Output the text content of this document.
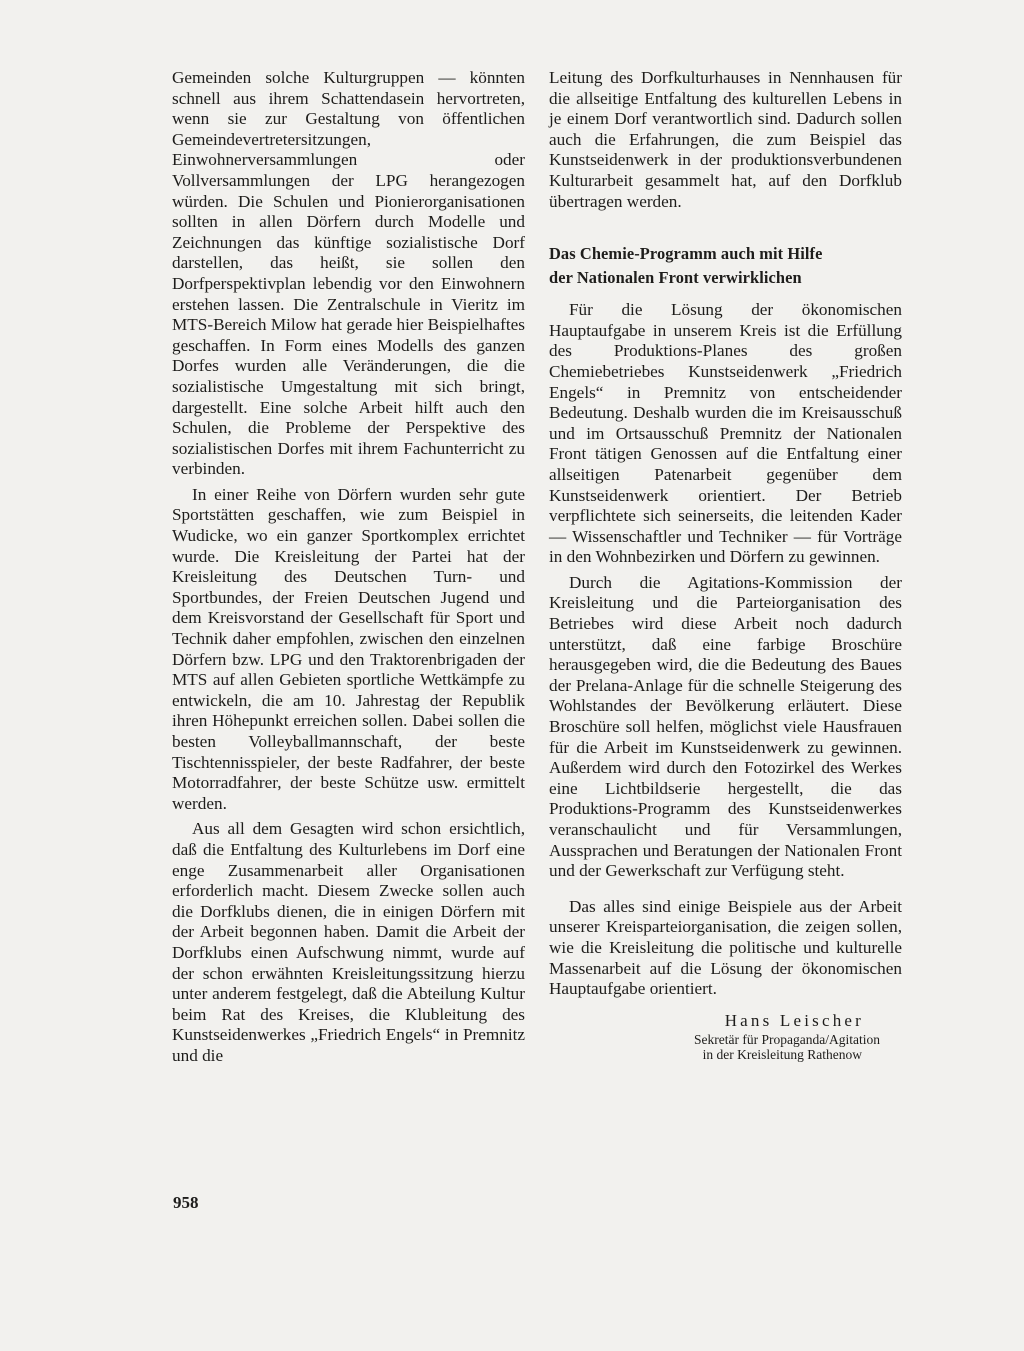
Gemeinden solche Kulturgruppen — könnten schnell aus ihrem Schattendasein hervortreten, wenn sie zur Gestaltung von öffentlichen Gemeindevertretersitzungen, Einwohnerversammlungen oder Vollversammlungen der LPG herangezogen würden. Die Schulen und Pionierorganisationen sollten in allen Dörfern durch Modelle und Zeichnungen das künftige sozialistische Dorf darstellen, das heißt, sie sollen den Dorfperspektivplan lebendig vor den Einwohnern erstehen lassen. Die Zentralschule in Vieritz im MTS-Bereich Milow hat gerade hier Beispielhaftes geschaffen. In Form eines Modells des ganzen Dorfes wurden alle Veränderungen, die die sozialistische Umgestaltung mit sich bringt, dargestellt. Eine solche Arbeit hilft auch den Schulen, die Probleme der Perspektive des sozialistischen Dorfes mit ihrem Fachunterricht zu verbinden.

In einer Reihe von Dörfern wurden sehr gute Sportstätten geschaffen, wie zum Beispiel in Wudicke, wo ein ganzer Sportkomplex errichtet wurde. Die Kreisleitung der Partei hat der Kreisleitung des Deutschen Turn- und Sportbundes, der Freien Deutschen Jugend und dem Kreisvorstand der Gesellschaft für Sport und Technik daher empfohlen, zwischen den einzelnen Dörfern bzw. LPG und den Traktorenbrigaden der MTS auf allen Gebieten sportliche Wettkämpfe zu entwickeln, die am 10. Jahrestag der Republik ihren Höhepunkt erreichen sollen. Dabei sollen die besten Volleyballmannschaft, der beste Tischtennisspieler, der beste Radfahrer, der beste Motorradfahrer, der beste Schütze usw. ermittelt werden.

Aus all dem Gesagten wird schon ersichtlich, daß die Entfaltung des Kulturlebens im Dorf eine enge Zusammenarbeit aller Organisationen erforderlich macht. Diesem Zwecke sollen auch die Dorfklubs dienen, die in einigen Dörfern mit der Arbeit begonnen haben. Damit die Arbeit der Dorfklubs einen Aufschwung nimmt, wurde auf der schon erwähnten Kreisleitungssitzung hierzu unter anderem festgelegt, daß die Abteilung Kultur beim Rat des Kreises, die Klubleitung des Kunstseidenwerkes „Friedrich Engels“ in Premnitz und die

Leitung des Dorfkulturhauses in Nennhausen für die allseitige Entfaltung des kulturellen Lebens in je einem Dorf verantwortlich sind. Dadurch sollen auch die Erfahrungen, die zum Beispiel das Kunstseidenwerk in der produktionsverbundenen Kulturarbeit gesammelt hat, auf den Dorfklub übertragen werden.

Das Chemie-Programm auch mit Hilfe
der Nationalen Front verwirklichen

Für die Lösung der ökonomischen Hauptaufgabe in unserem Kreis ist die Erfüllung des Produktions-Planes des großen Chemiebetriebes Kunstseidenwerk „Friedrich Engels“ in Premnitz von entscheidender Bedeutung. Deshalb wurden die im Kreisausschuß und im Ortsausschuß Premnitz der Nationalen Front tätigen Genossen auf die Entfaltung einer allseitigen Patenarbeit gegenüber dem Kunstseidenwerk orientiert. Der Betrieb verpflichtete sich seinerseits, die leitenden Kader — Wissenschaftler und Techniker — für Vorträge in den Wohnbezirken und Dörfern zu gewinnen.

Durch die Agitations-Kommission der Kreisleitung und die Parteiorganisation des Betriebes wird diese Arbeit noch dadurch unterstützt, daß eine farbige Broschüre herausgegeben wird, die die Bedeutung des Baues der Prelana-Anlage für die schnelle Steigerung des Wohlstandes der Bevölkerung erläutert. Diese Broschüre soll helfen, möglichst viele Hausfrauen für die Arbeit im Kunstseidenwerk zu gewinnen. Außerdem wird durch den Fotozirkel des Werkes eine Lichtbildserie hergestellt, die das Produktions-Programm des Kunstseidenwerkes veranschaulicht und für Versammlungen, Aussprachen und Beratungen der Nationalen Front und der Gewerkschaft zur Verfügung steht.

Das alles sind einige Beispiele aus der Arbeit unserer Kreisparteiorganisation, die zeigen sollen, wie die Kreisleitung die politische und kulturelle Massenarbeit auf die Lösung der ökonomischen Hauptaufgabe orientiert.

Hans Leischer
Sekretär für Propaganda/Agitation
in der Kreisleitung Rathenow
958
